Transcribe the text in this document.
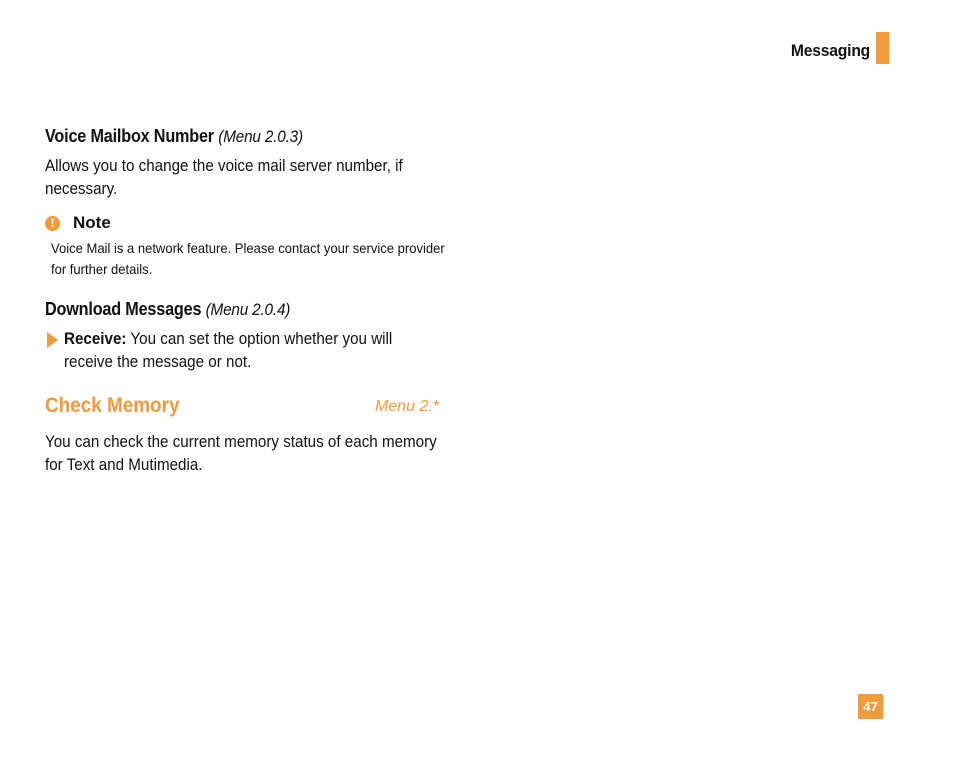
Messaging
Voice Mailbox Number (Menu 2.0.3)
Allows you to change the voice mail server number, if necessary.
!	Note
Voice Mail is a network feature. Please contact your service provider for further details.
Download Messages (Menu 2.0.4)
Receive: You can set the option whether you will receive the message or not.
Check Memory	Menu 2.*
You can check the current memory status of each memory for Text and Mutimedia.
47
